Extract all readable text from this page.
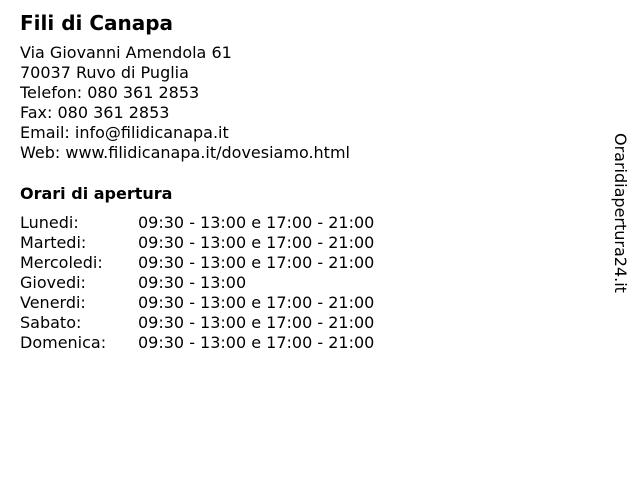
Fili di Canapa
Via Giovanni Amendola 61
70037 Ruvo di Puglia
Telefon: 080 361 2853
Fax: 080 361 2853
Email: info@filidicanapa.it
Web: www.filidicanapa.it/dovesiamo.html
Orari di apertura
Lunedi:	09:30 - 13:00 e 17:00 - 21:00
Martedi:	09:30 - 13:00 e 17:00 - 21:00
Mercoledi: 09:30 - 13:00 e 17:00 - 21:00
Giovedi:	09:30 - 13:00
Venerdi:	09:30 - 13:00 e 17:00 - 21:00
Sabato:	09:30 - 13:00 e 17:00 - 21:00
Domenica: 09:30 - 13:00 e 17:00 - 21:00
Oraridiapertura24.it
